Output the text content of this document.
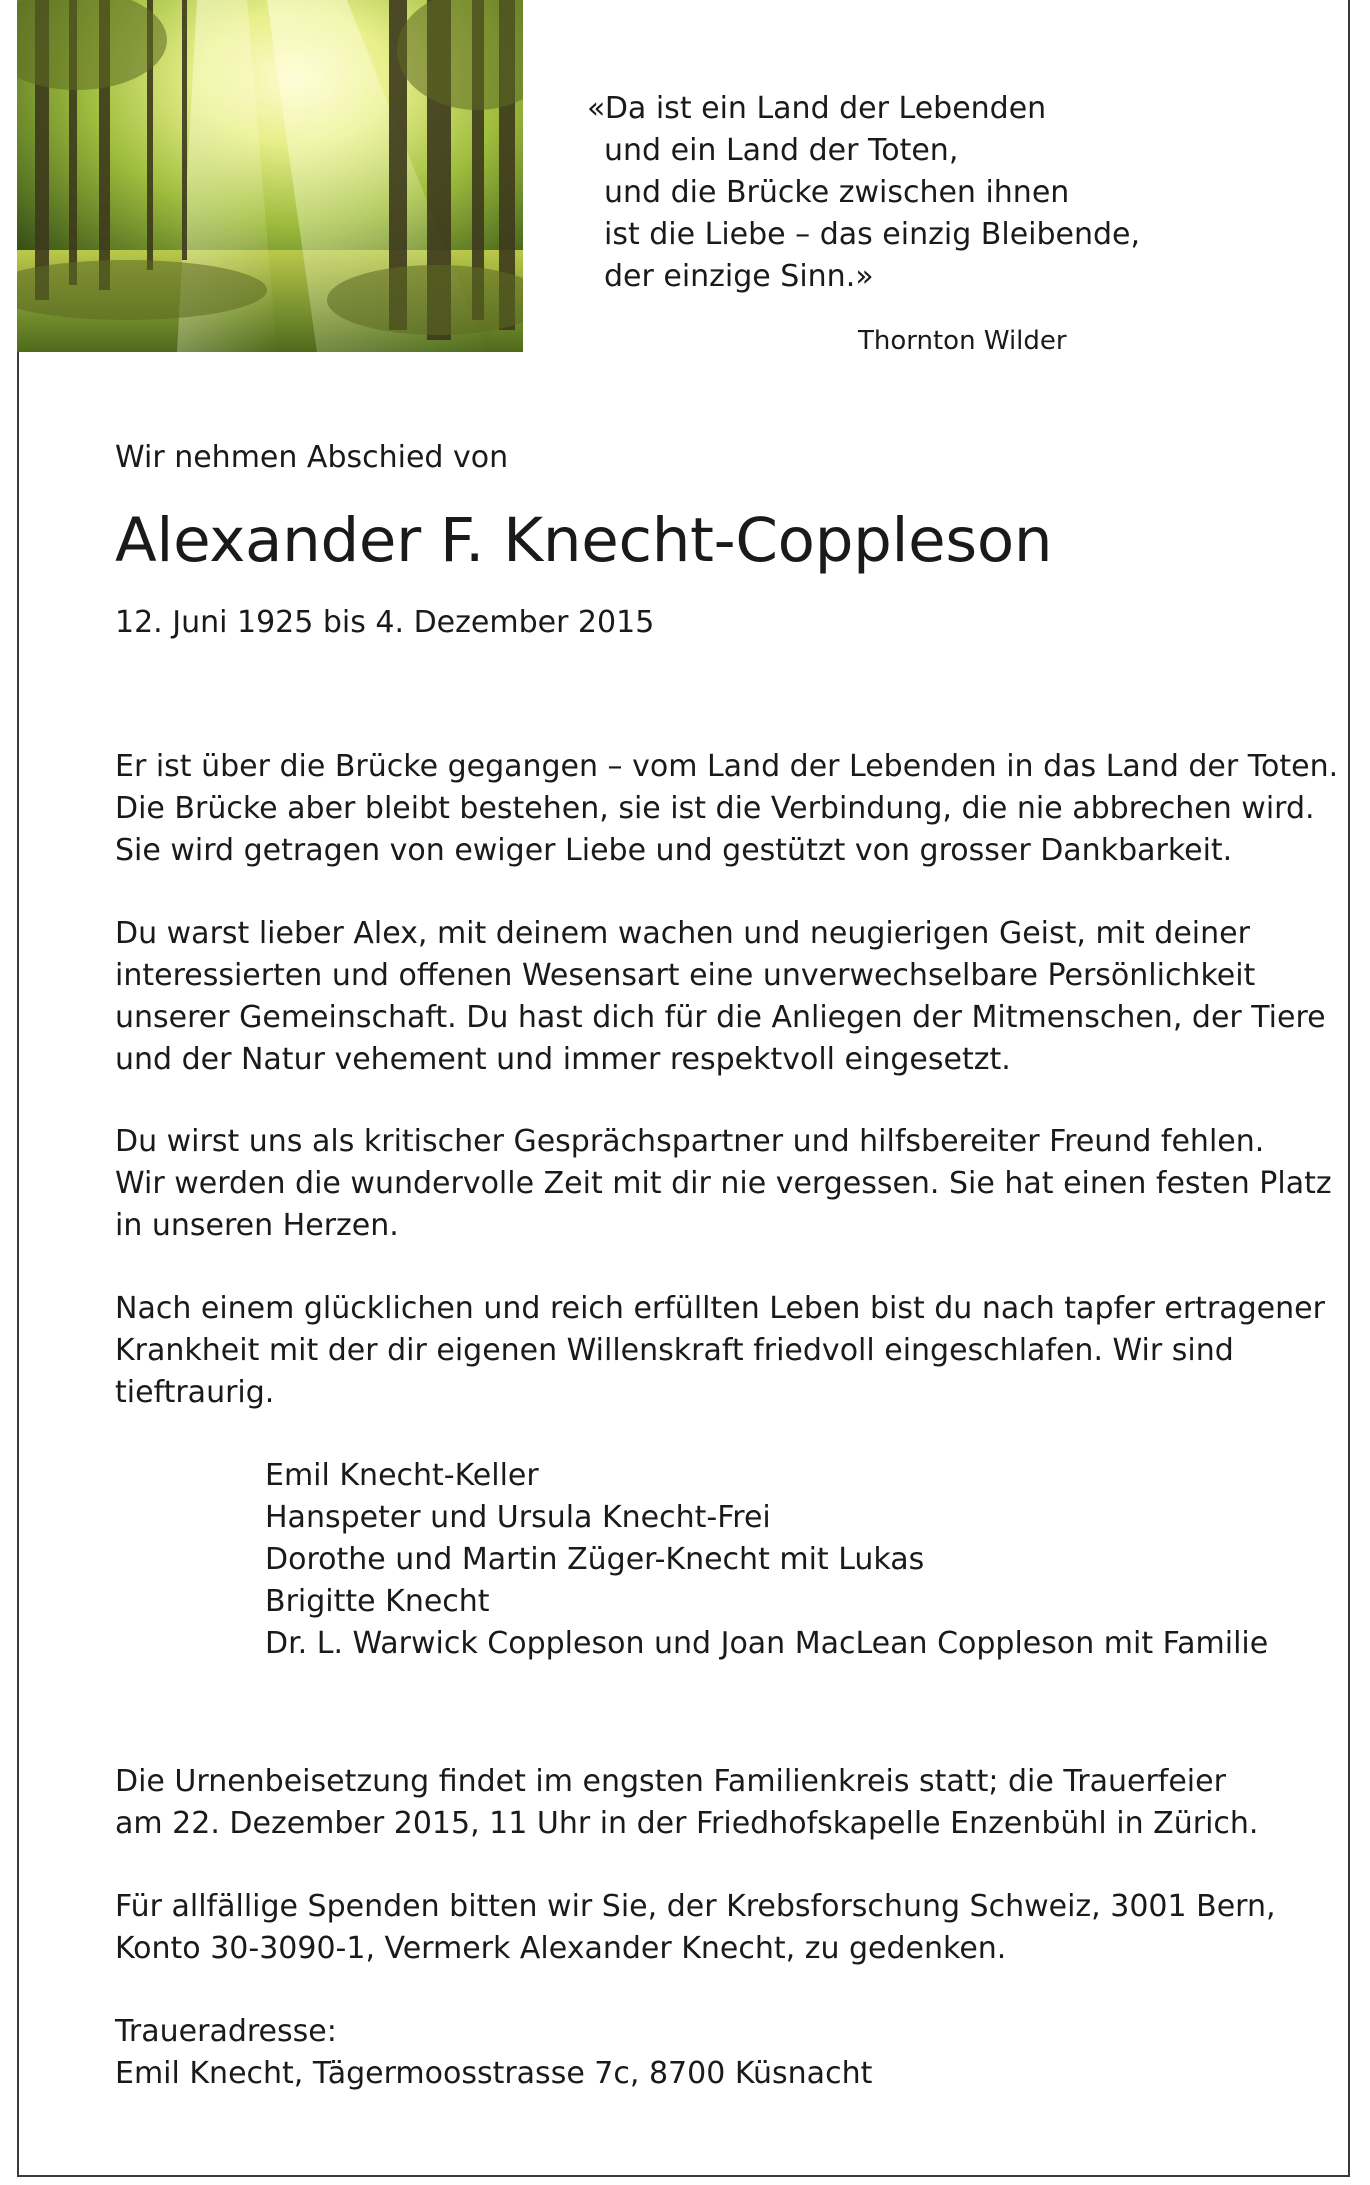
«Da ist ein Land der Lebenden
und ein Land der Toten,
und die Brücke zwischen ihnen
ist die Liebe – das einzig Bleibende,
der einzige Sinn.»
Thornton Wilder
Wir nehmen Abschied von
Alexander F. Knecht-Coppleson
12. Juni 1925 bis 4. Dezember 2015
Er ist über die Brücke gegangen – vom Land der Lebenden in das Land der Toten.
Die Brücke aber bleibt bestehen, sie ist die Verbindung, die nie abbrechen wird.
Sie wird getragen von ewiger Liebe und gestützt von grosser Dankbarkeit.
Du warst lieber Alex, mit deinem wachen und neugierigen Geist, mit deiner
interessierten und offenen Wesensart eine unverwechselbare Persönlichkeit
unserer Gemeinschaft. Du hast dich für die Anliegen der Mitmenschen, der Tiere
und der Natur vehement und immer respektvoll eingesetzt.
Du wirst uns als kritischer Gesprächspartner und hilfsbereiter Freund fehlen.
Wir werden die wundervolle Zeit mit dir nie vergessen. Sie hat einen festen Platz
in unseren Herzen.
Nach einem glücklichen und reich erfüllten Leben bist du nach tapfer ertragener
Krankheit mit der dir eigenen Willenskraft friedvoll eingeschlafen. Wir sind
tieftraurig.
Emil Knecht-Keller
Hanspeter und Ursula Knecht-Frei
Dorothe und Martin Züger-Knecht mit Lukas
Brigitte Knecht
Dr. L. Warwick Coppleson und Joan MacLean Coppleson mit Familie
Die Urnenbeisetzung findet im engsten Familienkreis statt; die Trauerfeier
am 22. Dezember 2015, 11 Uhr in der Friedhofskapelle Enzenbühl in Zürich.
Für allfällige Spenden bitten wir Sie, der Krebsforschung Schweiz, 3001 Bern,
Konto 30-3090-1, Vermerk Alexander Knecht, zu gedenken.
Traueradresse:
Emil Knecht, Tägermoosstrasse 7c, 8700 Küsnacht
